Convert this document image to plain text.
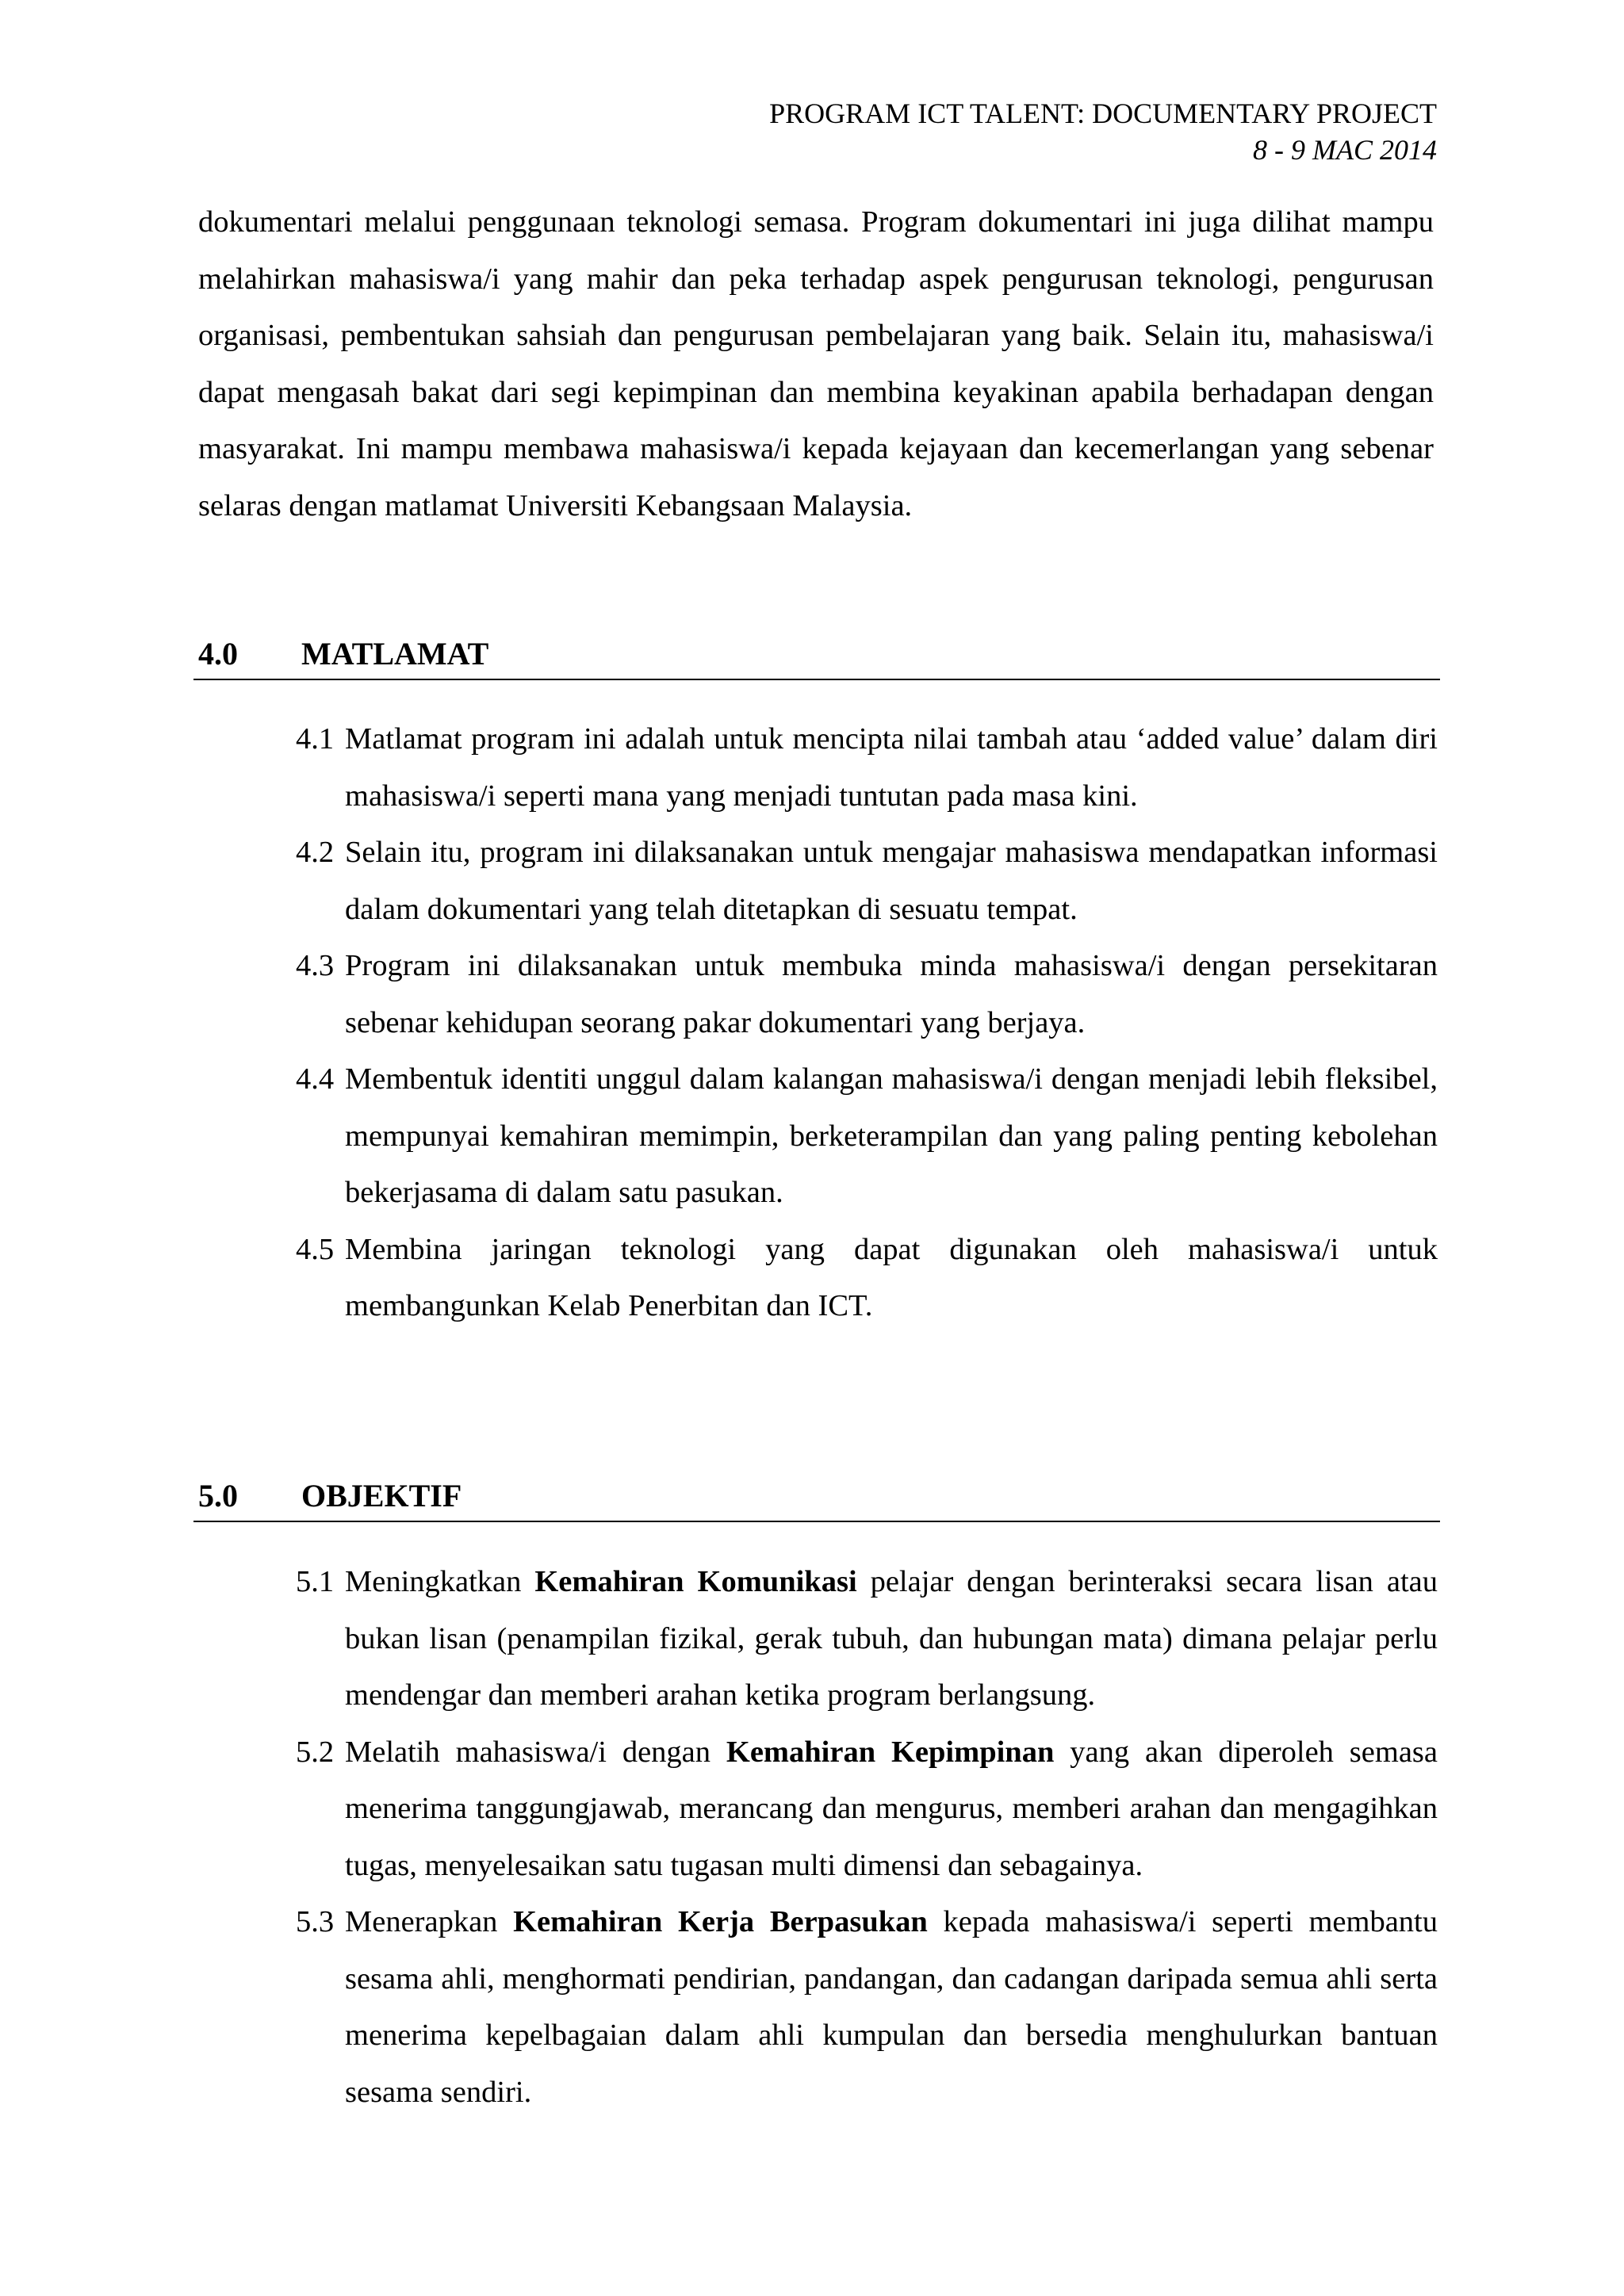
PROGRAM ICT TALENT: DOCUMENTARY PROJECT
8 - 9 MAC 2014

dokumentari melalui penggunaan teknologi semasa. Program dokumentari ini juga dilihat mampu melahirkan mahasiswa/i yang mahir dan peka terhadap aspek pengurusan teknologi, pengurusan organisasi, pembentukan sahsiah dan pengurusan pembelajaran yang baik. Selain itu, mahasiswa/i dapat mengasah bakat dari segi kepimpinan dan membina keyakinan apabila berhadapan dengan masyarakat. Ini mampu membawa mahasiswa/i kepada kejayaan dan kecemerlangan yang sebenar selaras dengan matlamat Universiti Kebangsaan Malaysia.

4.0 MATLAMAT
4.1 Matlamat program ini adalah untuk mencipta nilai tambah atau ‘added value’ dalam diri mahasiswa/i seperti mana yang menjadi tuntutan pada masa kini.
4.2 Selain itu, program ini dilaksanakan untuk mengajar mahasiswa mendapatkan informasi dalam dokumentari yang telah ditetapkan di sesuatu tempat.
4.3 Program ini dilaksanakan untuk membuka minda mahasiswa/i dengan persekitaran sebenar kehidupan seorang pakar dokumentari yang berjaya.
4.4 Membentuk identiti unggul dalam kalangan mahasiswa/i dengan menjadi lebih fleksibel, mempunyai kemahiran memimpin, berketerampilan dan yang paling penting kebolehan bekerjasama di dalam satu pasukan.
4.5 Membina jaringan teknologi yang dapat digunakan oleh mahasiswa/i untuk membangunkan Kelab Penerbitan dan ICT.
5.0 OBJEKTIF
5.1 Meningkatkan Kemahiran Komunikasi pelajar dengan berinteraksi secara lisan atau bukan lisan (penampilan fizikal, gerak tubuh, dan hubungan mata) dimana pelajar perlu mendengar dan memberi arahan ketika program berlangsung.
5.2 Melatih mahasiswa/i dengan Kemahiran Kepimpinan yang akan diperoleh semasa menerima tanggungjawab, merancang dan mengurus, memberi arahan dan mengagihkan tugas, menyelesaikan satu tugasan multi dimensi dan sebagainya.
5.3 Menerapkan Kemahiran Kerja Berpasukan kepada mahasiswa/i seperti membantu sesama ahli, menghormati pendirian, pandangan, dan cadangan daripada semua ahli serta menerima kepelbagaian dalam ahli kumpulan dan bersedia menghulurkan bantuan sesama sendiri.
